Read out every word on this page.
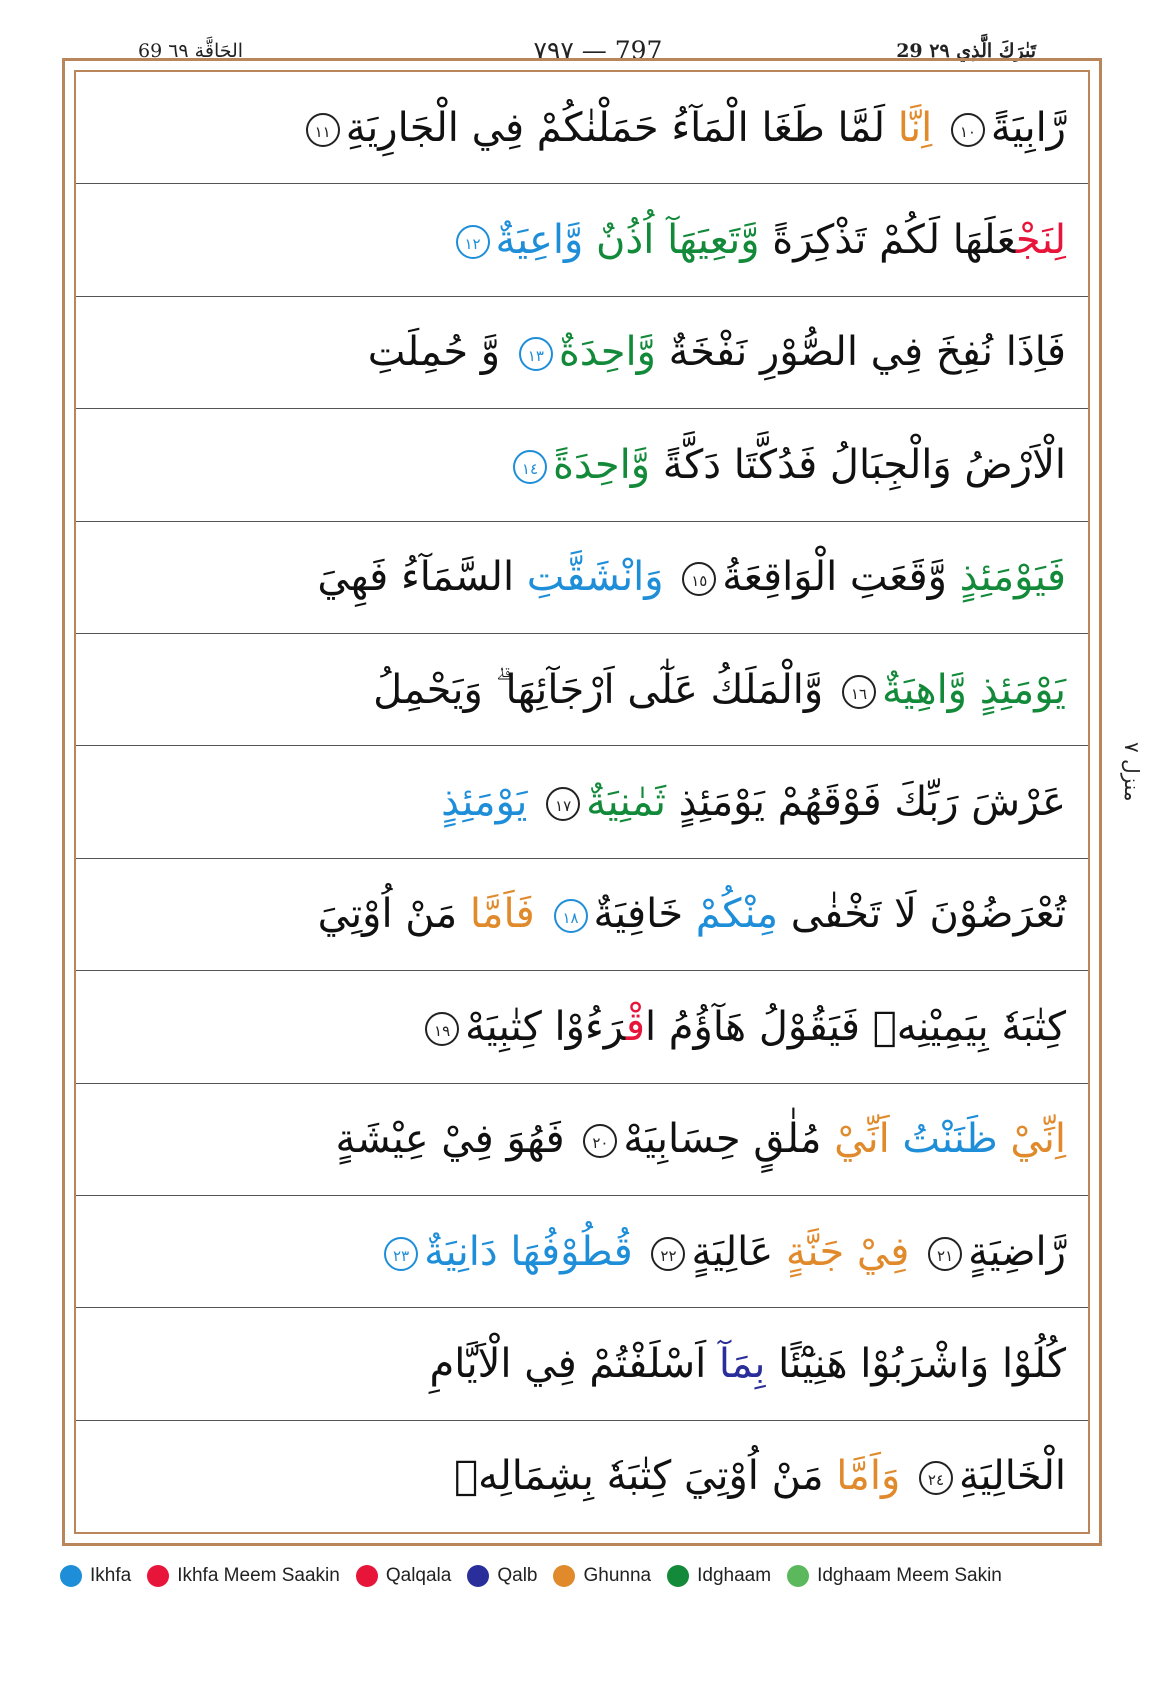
69 الحَاقَّة ٦٩	٧٩٧ — 797	29 تَبٰرَكَ الَّذِي ٢٩
رَّابِيَةً١٠ اِنَّا لَمَّا طَغَا الْمَآءُ حَمَلْنٰكُمْ فِي الْجَارِيَةِ١١
لِنَجْعَلَهَا لَكُمْ تَذْكِرَةً وَّتَعِيَهَآ اُذُنٌ وَّاعِيَةٌ١٢
فَاِذَا نُفِخَ فِي الصُّوْرِ نَفْخَةٌ وَّاحِدَةٌ١٣ وَّ حُمِلَتِ
الْاَرْضُ وَالْجِبَالُ فَدُكَّتَا دَكَّةً وَّاحِدَةً١٤
فَيَوْمَئِذٍ وَّقَعَتِ الْوَاقِعَةُ١٥ وَانْشَقَّتِ السَّمَآءُ فَهِيَ
يَوْمَئِذٍ وَّاهِيَةٌ١٦ وَّالْمَلَكُ عَلٰٓى اَرْجَآئِهَا ۗ وَيَحْمِلُ
عَرْشَ رَبِّكَ فَوْقَهُمْ يَوْمَئِذٍ ثَمٰنِيَةٌ١٧ يَوْمَئِذٍ
تُعْرَضُوْنَ لَا تَخْفٰى مِنْكُمْ خَافِيَةٌ١٨ فَاَمَّا مَنْ اُوْتِيَ
كِتٰبَهٗ بِيَمِيْنِهٖ فَيَقُوْلُ هَآؤُمُ اقْرَءُوْا كِتٰبِيَهْ١٩
اِنِّيْ ظَنَنْتُ اَنِّيْ مُلٰقٍ حِسَابِيَهْ٢٠ فَهُوَ فِيْ عِيْشَةٍ
رَّاضِيَةٍ٢١ فِيْ جَنَّةٍ عَالِيَةٍ٢٢ قُطُوْفُهَا دَانِيَةٌ٢٣
كُلُوْا وَاشْرَبُوْا هَنِيْٓئًا بِمَآ اَسْلَفْتُمْ فِي الْاَيَّامِ
الْخَالِيَةِ٢٤ وَاَمَّا مَنْ اُوْتِيَ كِتٰبَهٗ بِشِمَالِهٖ
منزل ٧
Ikhfa Ikhfa Meem Saakin Qalqala Qalb Ghunna Idghaam Idghaam Meem Sakin
